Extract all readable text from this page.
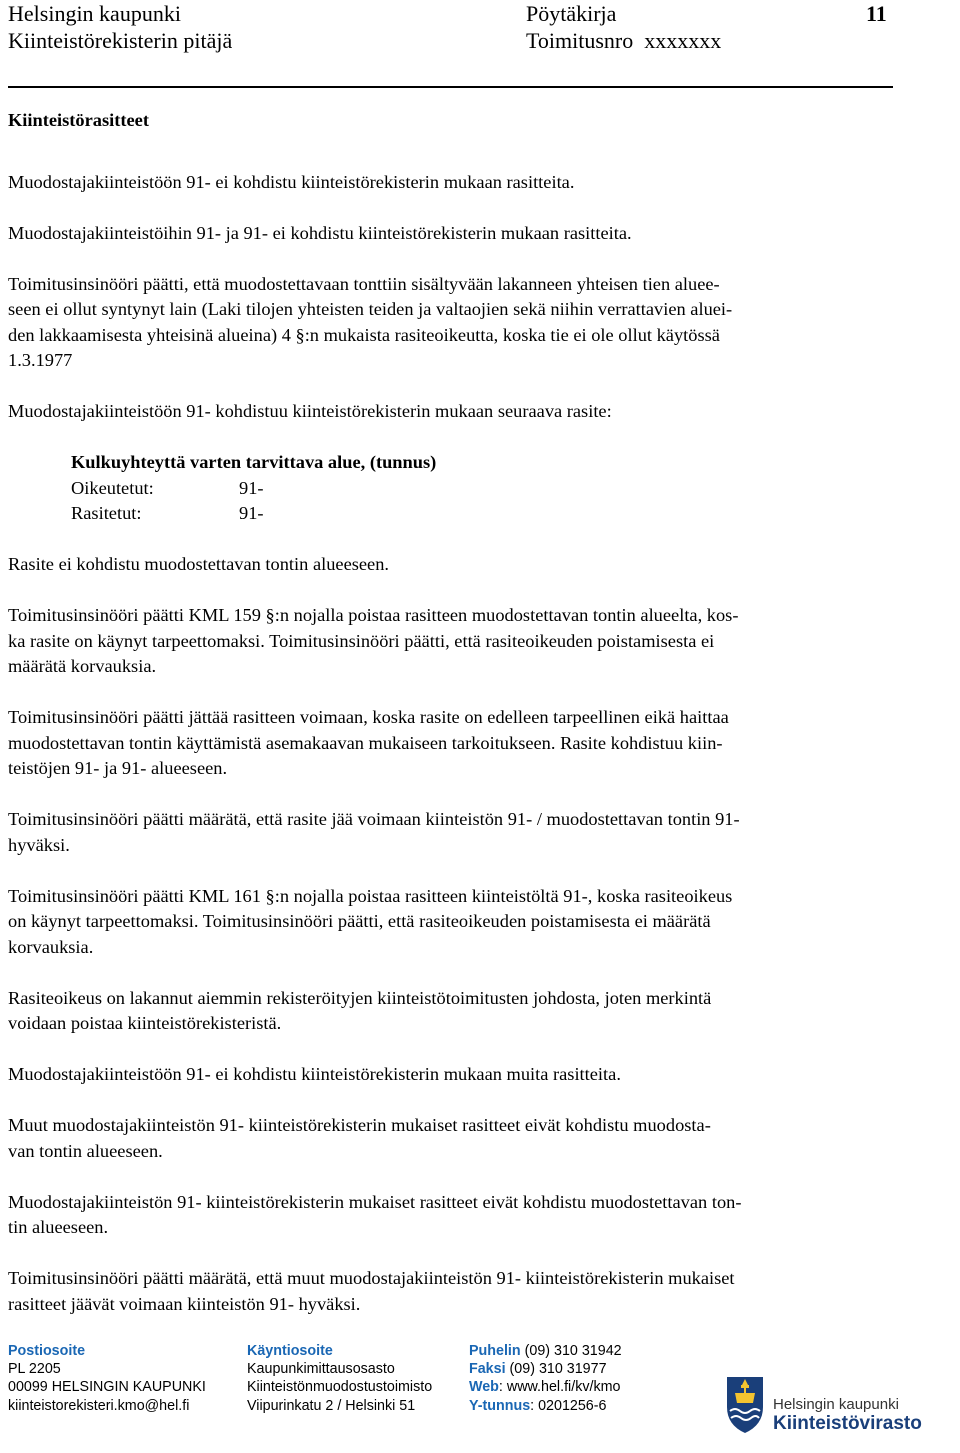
Helsingin kaupunki
Kiinteistörekisterin pitäjä
Pöytäkirja
Toimitusnro  xxxxxxx
11

Kiinteistörasitteet

Muodostajakiinteistöön 91- ei kohdistu kiinteistörekisterin mukaan rasitteita.

Muodostajakiinteistöihin 91- ja 91- ei kohdistu kiinteistörekisterin mukaan rasitteita.

Toimitusinsinööri päätti, että muodostettavaan tonttiin sisältyvään lakanneen yhteisen tien aluee-

seen ei ollut syntynyt lain (Laki tilojen yhteisten teiden ja valtaojien sekä niihin verrattavien aluei-

den lakkaamisesta yhteisinä alueina) 4 §:n mukaista rasiteoikeutta, koska tie ei ole ollut käytössä

1.3.1977

Muodostajakiinteistöön 91- kohdistuu kiinteistörekisterin mukaan seuraava rasite:

Kulkuyhteyttä varten tarvittava alue, (tunnus)

Oikeutetut:	91-
Rasitetut:	91-

Rasite ei kohdistu muodostettavan tontin alueeseen.

Toimitusinsinööri päätti KML 159 §:n nojalla poistaa rasitteen muodostettavan tontin alueelta, kos-

ka rasite on käynyt tarpeettomaksi. Toimitusinsinööri päätti, että rasiteoikeuden poistamisesta ei

määrätä korvauksia.

Toimitusinsinööri päätti jättää rasitteen voimaan, koska rasite on edelleen tarpeellinen eikä haittaa

muodostettavan tontin käyttämistä asemakaavan mukaiseen tarkoitukseen. Rasite kohdistuu kiin-

teistöjen 91- ja 91- alueeseen.

Toimitusinsinööri päätti määrätä, että rasite jää voimaan kiinteistön 91- / muodostettavan tontin 91-

hyväksi.

Toimitusinsinööri päätti KML 161 §:n nojalla poistaa rasitteen kiinteistöltä 91-, koska rasiteoikeus

on käynyt tarpeettomaksi. Toimitusinsinööri päätti, että rasiteoikeuden poistamisesta ei määrätä

korvauksia.

Rasiteoikeus on lakannut aiemmin rekisteröityjen kiinteistötoimitusten johdosta, joten merkintä

voidaan poistaa kiinteistörekisteristä.

Muodostajakiinteistöön 91- ei kohdistu kiinteistörekisterin mukaan muita rasitteita.

Muut muodostajakiinteistön 91- kiinteistörekisterin mukaiset rasitteet eivät kohdistu muodosta-

van tontin alueeseen.

Muodostajakiinteistön 91- kiinteistörekisterin mukaiset rasitteet eivät kohdistu muodostettavan ton-

tin alueeseen.

Toimitusinsinööri päätti määrätä, että muut muodostajakiinteistön 91- kiinteistörekisterin mukaiset

rasitteet jäävät voimaan kiinteistön 91- hyväksi.

Postiosoite
PL 2205
00099 HELSINGIN KAUPUNKI
kiinteistorekisteri.kmo@hel.fi
Käyntiosoite
Kaupunkimittausosasto
Kiinteistönmuodostustoimisto
Viipurinkatu 2 / Helsinki 51
Puhelin (09) 310 31942
Faksi (09) 310 31977
Web: www.hel.fi/kv/kmo
Y-tunnus: 0201256-6	Helsingin kaupunki
Kiinteistövirasto
